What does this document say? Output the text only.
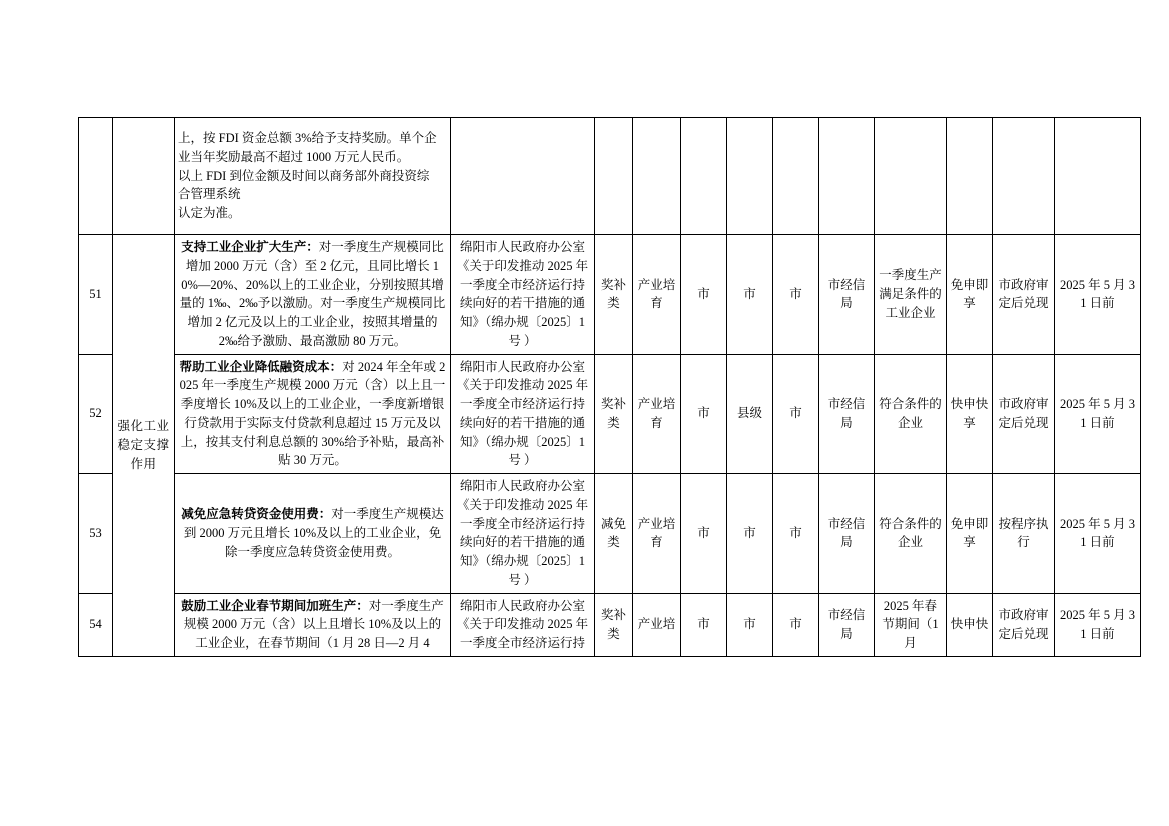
		上，按 FDI 资金总额 3%给予支持奖励。单个企
业当年奖励最高不超过 1000 万元人民币。
以上 FDI 到位金额及时间以商务部外商投资综
合管理系统
认定为准。											

51	强化工业稳定支撑作用	支持工业企业扩大生产：对一季度生产规模同比增加 2000 万元（含）至 2 亿元，且同比增长 10%—20%、20%以上的工业企业，分别按照其增量的 1‰、2‰予以激励。对一季度生产规模同比增加 2 亿元及以上的工业企业，按照其增量的 2‰给予激励、最高激励 80 万元。	绵阳市人民政府办公室《关于印发推动 2025 年一季度全市经济运行持续向好的若干措施的通知》（绵办规〔2025〕1 号 ）	奖补类	产业培育	市	市	市	市经信局	一季度生产满足条件的工业企业	免申即享	市政府审定后兑现	2025 年 5 月 31 日前
52		帮助工业企业降低融资成本：对 2024 年全年或 2025 年一季度生产规模 2000 万元（含）以上且一季度增长 10%及以上的工业企业，一季度新增银行贷款用于实际支付贷款利息超过 15 万元及以上，按其支付利息总额的 30%给予补贴，最高补贴 30 万元。	绵阳市人民政府办公室《关于印发推动 2025 年一季度全市经济运行持续向好的若干措施的通知》（绵办规〔2025〕1 号 ）	奖补类	产业培育	市	县级	市	市经信局	符合条件的企业	快申快享	市政府审定后兑现	2025 年 5 月 31 日前
53		减免应急转贷资金使用费：对一季度生产规模达到 2000 万元且增长 10%及以上的工业企业，免除一季度应急转贷资金使用费。	绵阳市人民政府办公室《关于印发推动 2025 年一季度全市经济运行持续向好的若干措施的通知》（绵办规〔2025〕1 号 ）	减免类	产业培育	市	市	市	市经信局	符合条件的企业	免申即享	按程序执行	2025 年 5 月 31 日前
54		鼓励工业企业春节期间加班生产：对一季度生产规模 2000 万元（含）以上且增长 10%及以上的工业企业，在春节期间（1 月 28 日—2 月 4	绵阳市人民政府办公室《关于印发推动 2025 年一季度全市经济运行持	奖补类	产业培	市	市	市	市经信局	2025 年春节期间（1 月	快申快	市政府审定后兑现	2025 年 5 月 31 日前
